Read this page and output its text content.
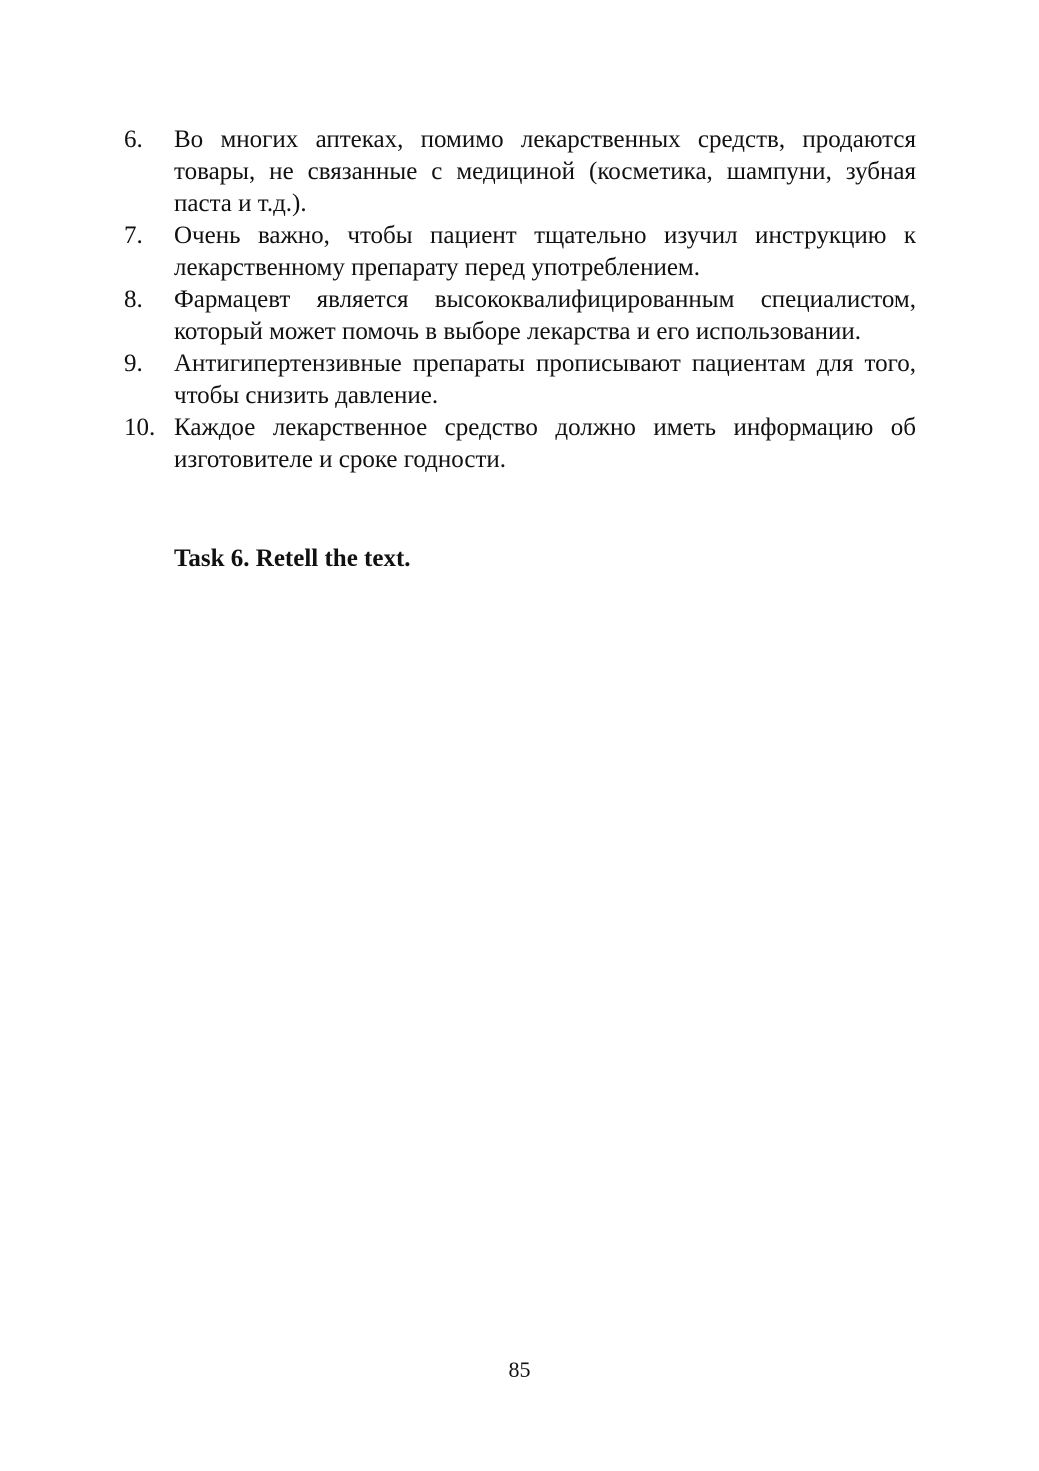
6.	Во многих аптеках, помимо лекарственных средств, продаются товары, не связанные с медициной (косметика, шампуни, зубная паста и т.д.).
7.	Очень важно, чтобы пациент тщательно изучил инструкцию к лекарственному препарату перед употреблением.
8.	Фармацевт является высококвалифицированным специалистом, который может помочь в выборе лекарства и его использовании.
9.	Антигипертензивные препараты прописывают пациентам для того, чтобы снизить давление.
10. Каждое лекарственное средство должно иметь информацию об изготовителе и сроке годности.
Task 6. Retell the text.
85
